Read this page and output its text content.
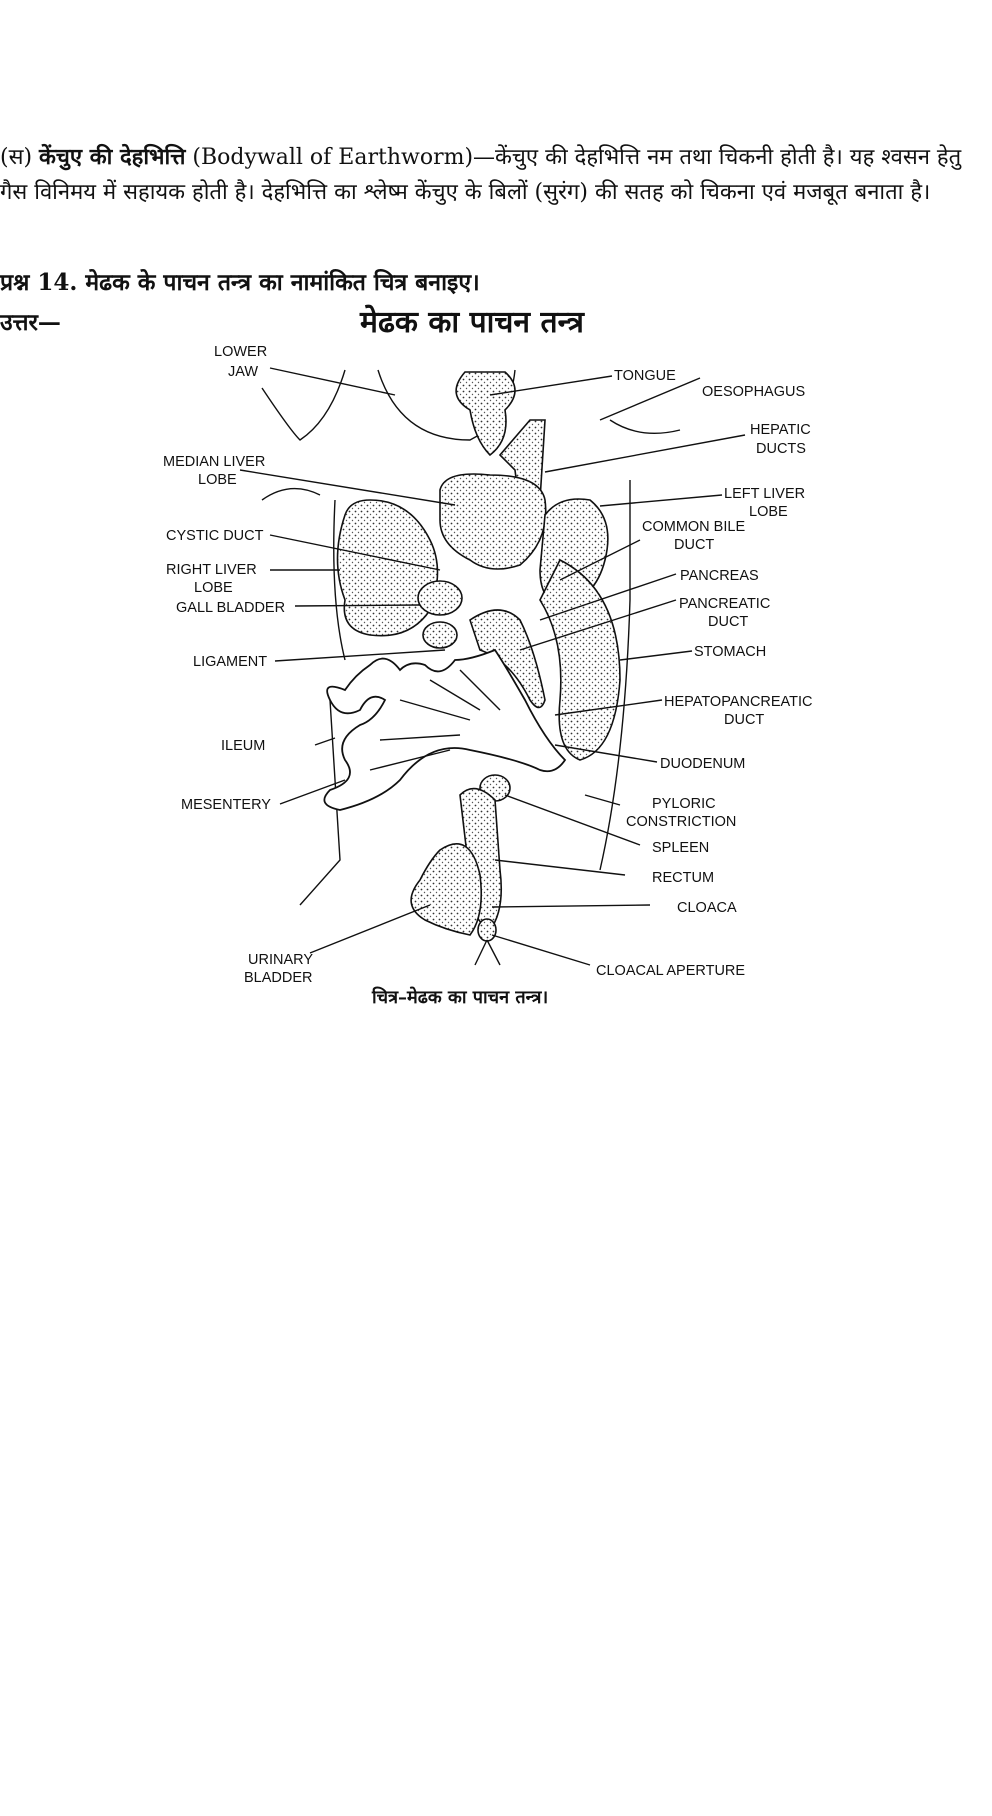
(स) केंचुए की देहभित्ति (Bodywall of Earthworm)—केंचुए की देहभित्ति नम तथा चिकनी होती है। यह श्वसन हेतु गैस विनिमय में सहायक होती है। देहभित्ति का श्लेष्म केंचुए के बिलों (सुरंग) की सतह को चिकना एवं मजबूत बनाता है।
प्रश्न 14. मेढक के पाचन तन्त्र का नामांकित चित्र बनाइए।
उत्तर—	मेढक का पाचन तन्त्र
LOWER
JAW	TONGUE
OESOPHAGUS
HEPATIC
DUCTS
MEDIAN LIVER
LOBE
LEFT LIVER
LOBE
CYSTIC DUCT
COMMON BILE
DUCT
RIGHT LIVER
LOBE
PANCREAS
GALL BLADDER	PANCREATIC
DUCT
STOMACH
LIGAMENT
HEPATOPANCREATIC
DUCT
ILEUM
DUODENUM
MESENTERY	PYLORIC
CONSTRICTION
SPLEEN
RECTUM
CLOACA
URINARY
BLADDER	CLOACAL APERTURE
चित्र–मेढक का पाचन तन्त्र।
